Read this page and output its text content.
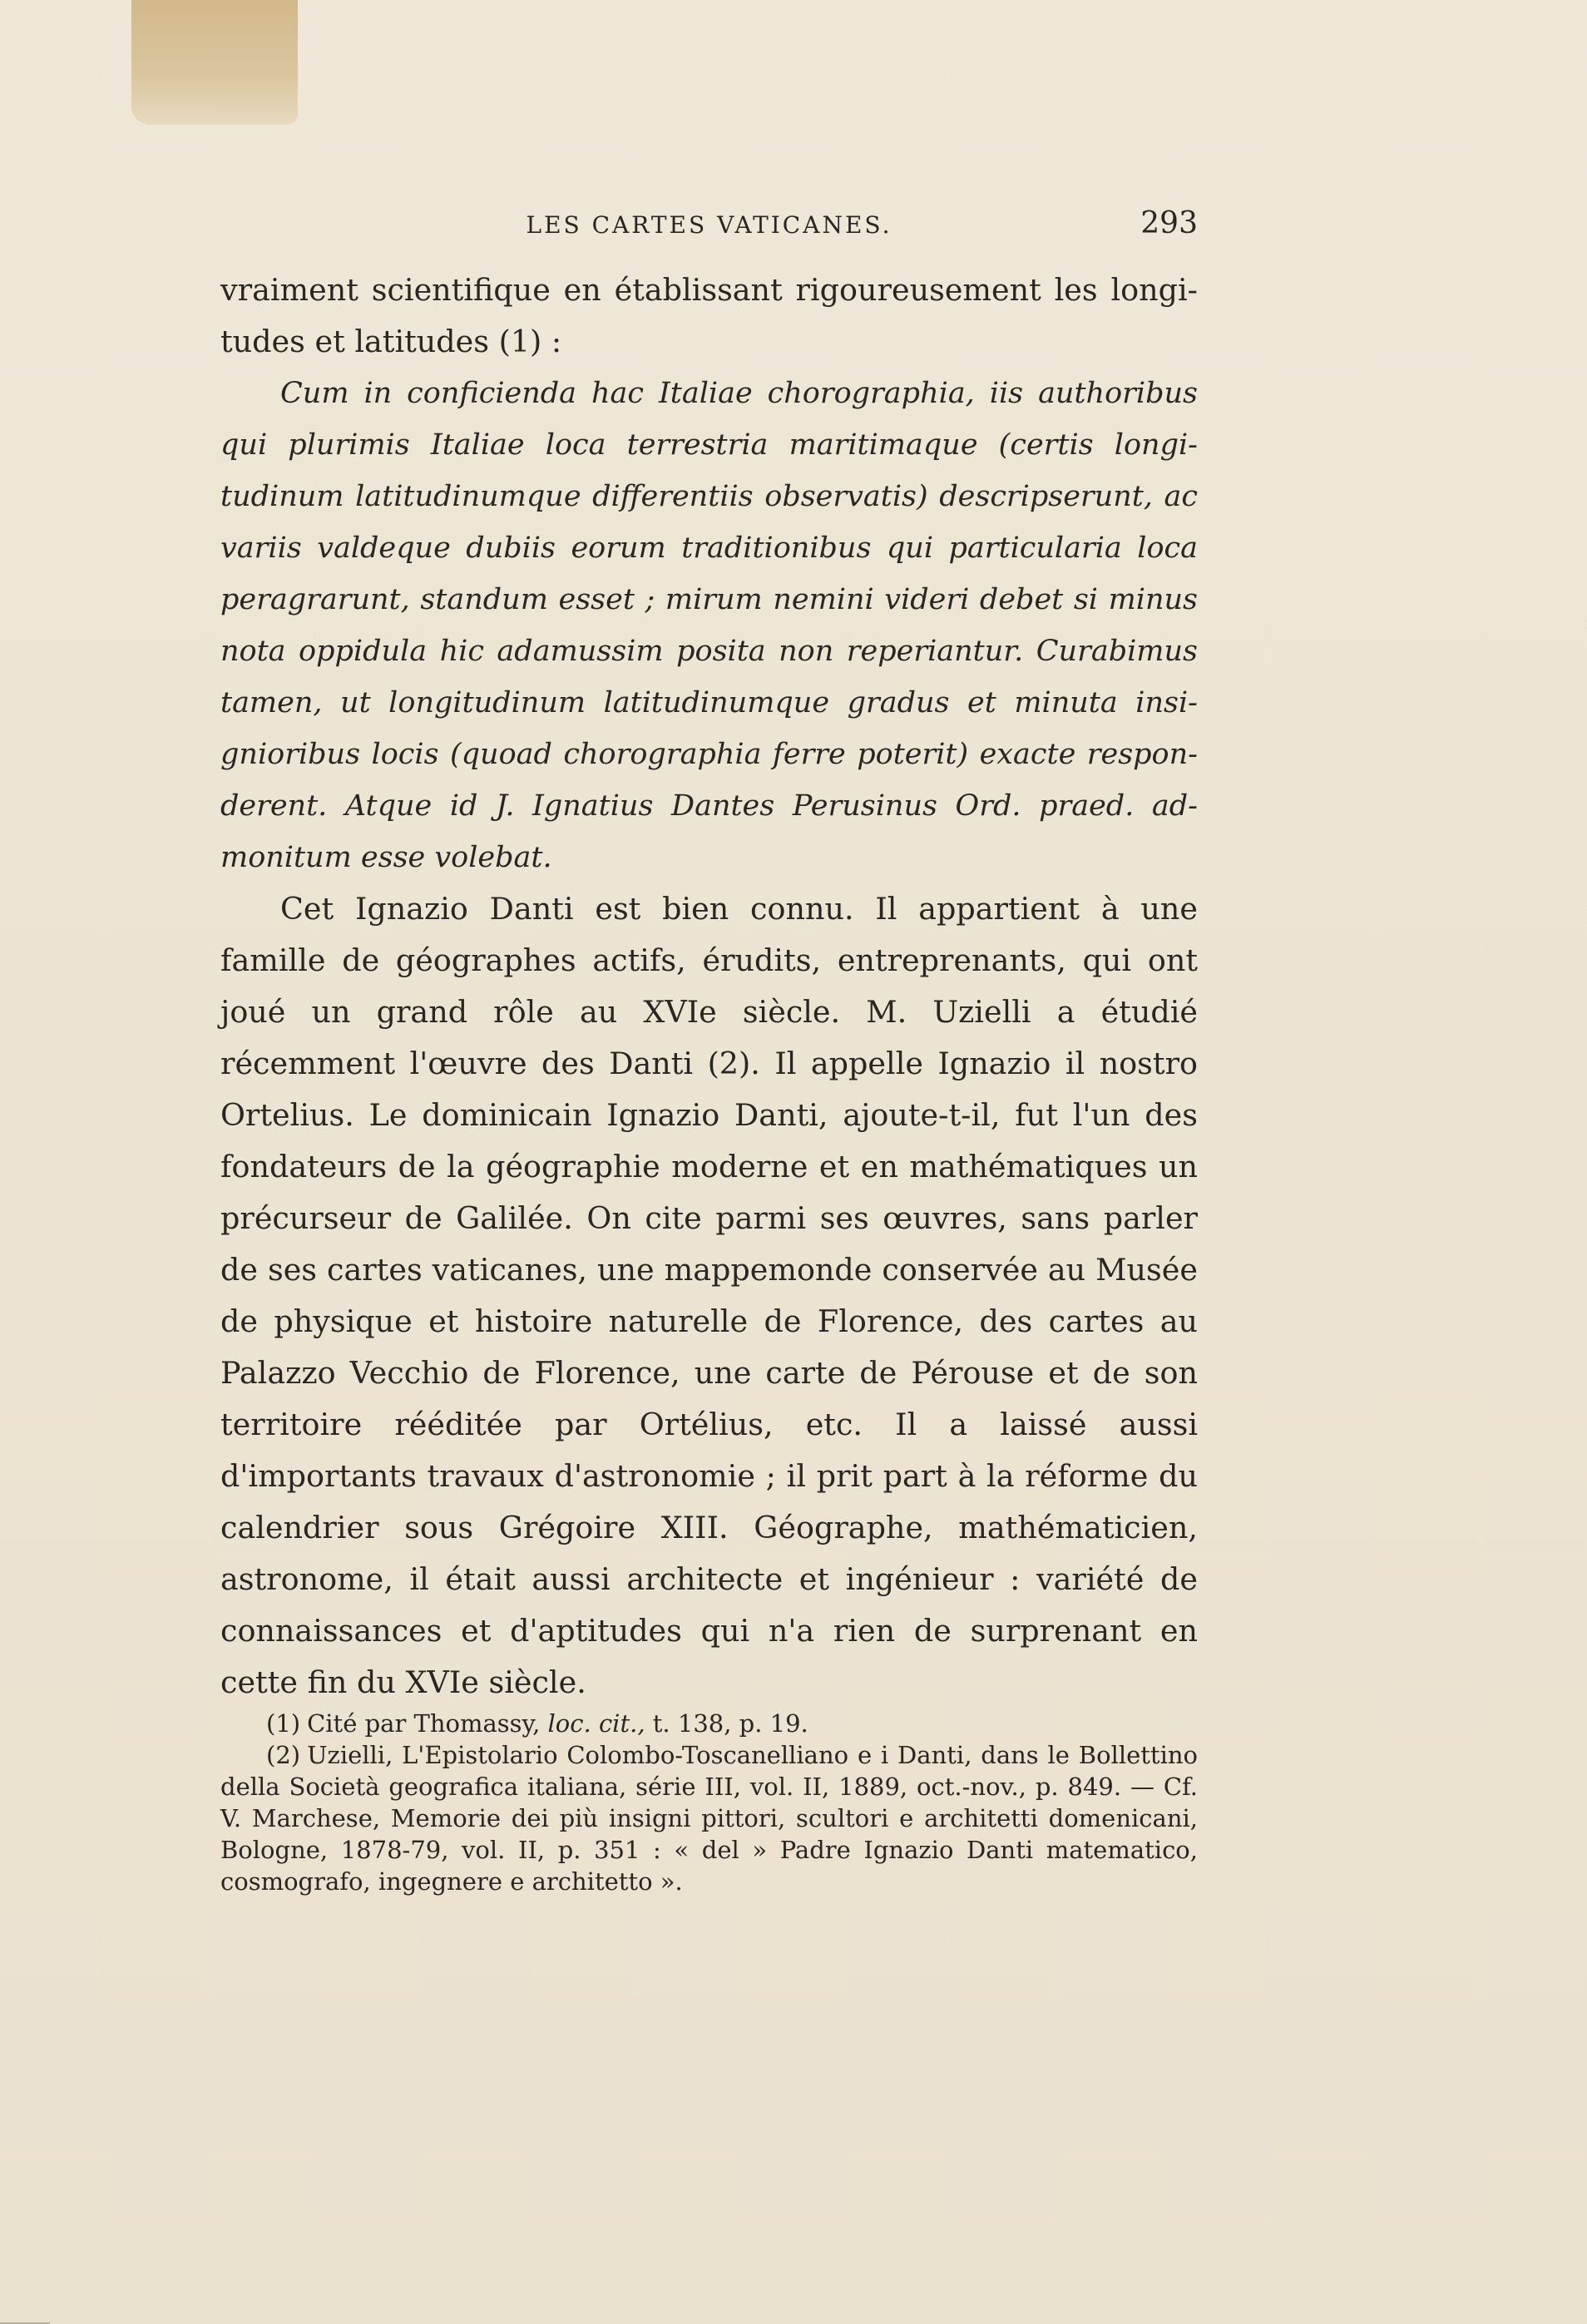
LES CARTES VATICANES.	293

vraiment scientifique en établissant rigoureusement les longitudes et latitudes (1) :

Cum in conficienda hac Italiae chorographia, iis authoribus qui plurimis Italiae loca terrestria maritimaque (certis longitudinum latitudinumque differentiis observatis) descripserunt, ac variis valdeque dubiis eorum traditionibus qui particularia loca peragrarunt, standum esset ; mirum nemini videri debet si minus nota oppidula hic adamussim posita non reperiantur. Curabimus tamen, ut longitudinum latitudinumque gradus et minuta insignioribus locis (quoad chorographia ferre poterit) exacte responderent. Atque id J. Ignatius Dantes Perusinus Ord. praed. admonitum esse volebat.

Cet Ignazio Danti est bien connu. Il appartient à une famille de géographes actifs, érudits, entreprenants, qui ont joué un grand rôle au XVIe siècle. M. Uzielli a étudié récemment l'œuvre des Danti (2). Il appelle Ignazio il nostro Ortelius. Le dominicain Ignazio Danti, ajoute-t-il, fut l'un des fondateurs de la géographie moderne et en mathématiques un précurseur de Galilée. On cite parmi ses œuvres, sans parler de ses cartes vaticanes, une mappemonde conservée au Musée de physique et histoire naturelle de Florence, des cartes au Palazzo Vecchio de Florence, une carte de Pérouse et de son territoire rééditée par Ortélius, etc. Il a laissé aussi d'importants travaux d'astronomie ; il prit part à la réforme du calendrier sous Grégoire XIII. Géographe, mathématicien, astronome, il était aussi architecte et ingénieur : variété de connaissances et d'aptitudes qui n'a rien de surprenant en cette fin du XVIe siècle.

(1) Cité par Thomassy, loc. cit., t. 138, p. 19.

(2) Uzielli, L'Epistolario Colombo-Toscanelliano e i Danti, dans le Bollettino della Società geografica italiana, série III, vol. II, 1889, oct.-nov., p. 849. — Cf. V. Marchese, Memorie dei più insigni pittori, scultori e architetti domenicani, Bologne, 1878-79, vol. II, p. 351 : « del » Padre Ignazio Danti matematico, cosmografo, ingegnere e architetto ».
